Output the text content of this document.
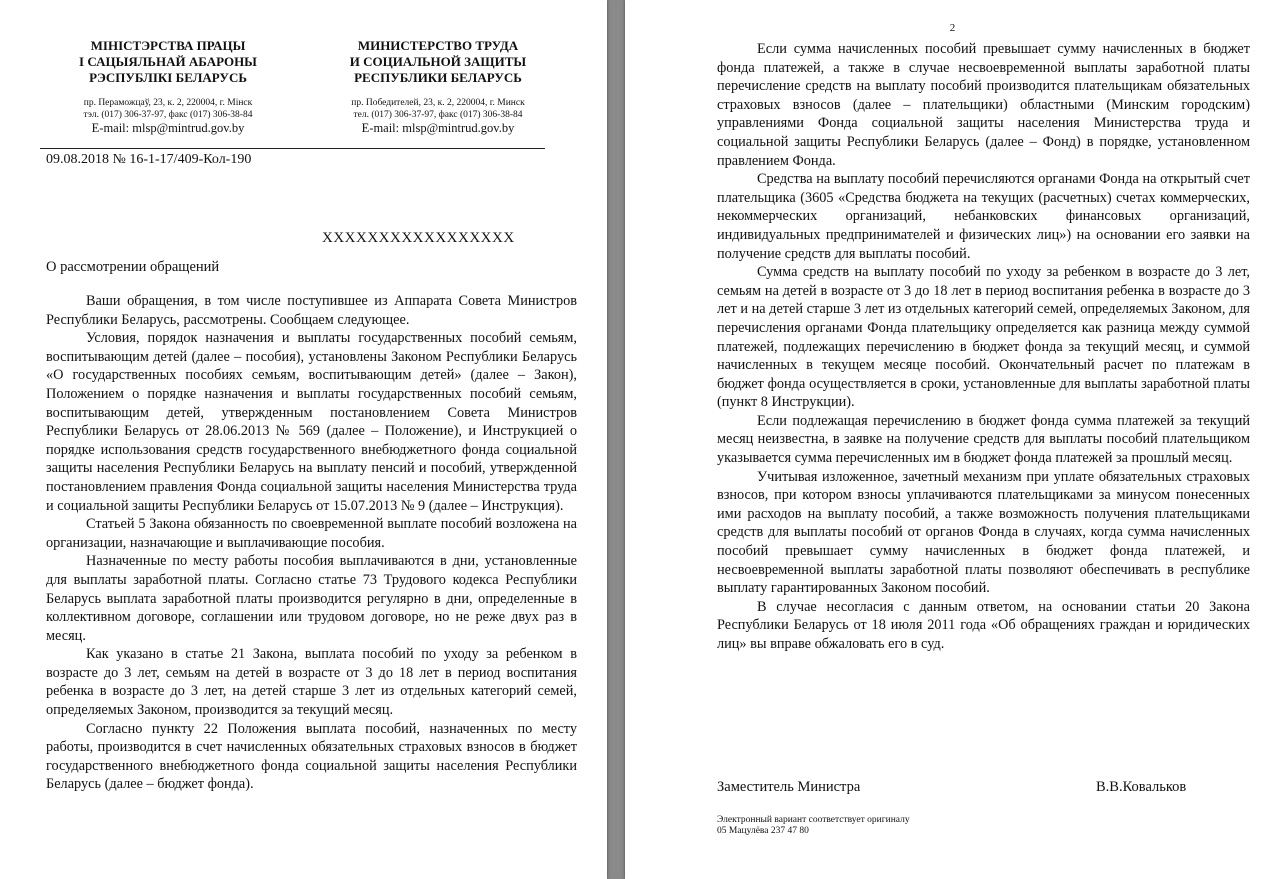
МІНІСТЭРСТВА ПРАЦЫ
І САЦЫЯЛЬНАЙ АБАРОНЫ
РЭСПУБЛІКІ БЕЛАРУСЬ
пр. Пераможцаў, 23, к. 2, 220004, г. Мінск
тэл. (017) 306-37-97, факс (017) 306-38-84
E-mail: mlsp@mintrud.gov.by
МИНИСТЕРСТВО ТРУДА
И СОЦИАЛЬНОЙ ЗАЩИТЫ
РЕСПУБЛИКИ БЕЛАРУСЬ
пр. Победителей, 23, к. 2, 220004, г. Минск
тел. (017) 306-37-97, факс (017) 306-38-84
E-mail: mlsp@mintrud.gov.by
09.08.2018 № 16-1-17/409-Кол-190
XXXXXXXXXXXXXXXXX
О рассмотрении обращений

Ваши обращения, в том числе поступившее из Аппарата Совета Министров Республики Беларусь, рассмотрены. Сообщаем следующее.

Условия, порядок назначения и выплаты государственных пособий семьям, воспитывающим детей (далее – пособия), установлены Законом Республики Беларусь «О государственных пособиях семьям, воспитывающим детей» (далее – Закон), Положением о порядке назначения и выплаты государственных пособий семьям, воспитывающим детей, утвержденным постановлением Совета Министров Республики Беларусь от 28.06.2013 № 569 (далее – Положение), и Инструкцией о порядке использования средств государственного внебюджетного фонда социальной защиты населения Республики Беларусь на выплату пенсий и пособий, утвержденной постановлением правления Фонда социальной защиты населения Министерства труда и социальной защиты Республики Беларусь от 15.07.2013 № 9 (далее – Инструкция).

Статьей 5 Закона обязанность по своевременной выплате пособий возложена на организации, назначающие и выплачивающие пособия.

Назначенные по месту работы пособия выплачиваются в дни, установленные для выплаты заработной платы. Согласно статье 73 Трудового кодекса Республики Беларусь выплата заработной платы производится регулярно в дни, определенные в коллективном договоре, соглашении или трудовом договоре, но не реже двух раз в месяц.

Как указано в статье 21 Закона, выплата пособий по уходу за ребенком в возрасте до 3 лет, семьям на детей в возрасте от 3 до 18 лет в период воспитания ребенка в возрасте до 3 лет, на детей старше 3 лет из отдельных категорий семей, определяемых Законом, производится за текущий месяц.

Согласно пункту 22 Положения выплата пособий, назначенных по месту работы, производится в счет начисленных обязательных страховых взносов в бюджет государственного внебюджетного фонда социальной защиты населения Республики Беларусь (далее – бюджет фонда).

2

Если сумма начисленных пособий превышает сумму начисленных в бюджет фонда платежей, а также в случае несвоевременной выплаты заработной платы перечисление средств на выплату пособий производится плательщикам обязательных страховых взносов (далее – плательщики) областными (Минским городским) управлениями Фонда социальной защиты населения Министерства труда и социальной защиты Республики Беларусь (далее – Фонд) в порядке, установленном правлением Фонда.

Средства на выплату пособий перечисляются органами Фонда на открытый счет плательщика (3605 «Средства бюджета на текущих (расчетных) счетах коммерческих, некоммерческих организаций, небанковских финансовых организаций, индивидуальных предпринимателей и физических лиц») на основании его заявки на получение средств для выплаты пособий.

Сумма средств на выплату пособий по уходу за ребенком в возрасте до 3 лет, семьям на детей в возрасте от 3 до 18 лет в период воспитания ребенка в возрасте до 3 лет и на детей старше 3 лет из отдельных категорий семей, определяемых Законом, для перечисления органами Фонда плательщику определяется как разница между суммой платежей, подлежащих перечислению в бюджет фонда за текущий месяц, и суммой начисленных в текущем месяце пособий. Окончательный расчет по платежам в бюджет фонда осуществляется в сроки, установленные для выплаты заработной платы (пункт 8 Инструкции).

Если подлежащая перечислению в бюджет фонда сумма платежей за текущий месяц неизвестна, в заявке на получение средств для выплаты пособий плательщиком указывается сумма перечисленных им в бюджет фонда платежей за прошлый месяц.

Учитывая изложенное, зачетный механизм при уплате обязательных страховых взносов, при котором взносы уплачиваются плательщиками за минусом понесенных ими расходов на выплату пособий, а также возможность получения плательщиками средств для выплаты пособий от органов Фонда в случаях, когда сумма начисленных пособий превышает сумму начисленных в бюджет фонда платежей, и несвоевременной выплаты заработной платы позволяют обеспечивать в республике выплату гарантированных Законом пособий.

В случае несогласия с данным ответом, на основании статьи 20 Закона Республики Беларусь от 18 июля 2011 года «Об обращениях граждан и юридических лиц» вы вправе обжаловать его в суд.

Заместитель Министра	В.В.Ковальков
Электронный вариант соответствует оригиналу
05 Мацулёва 237 47 80
